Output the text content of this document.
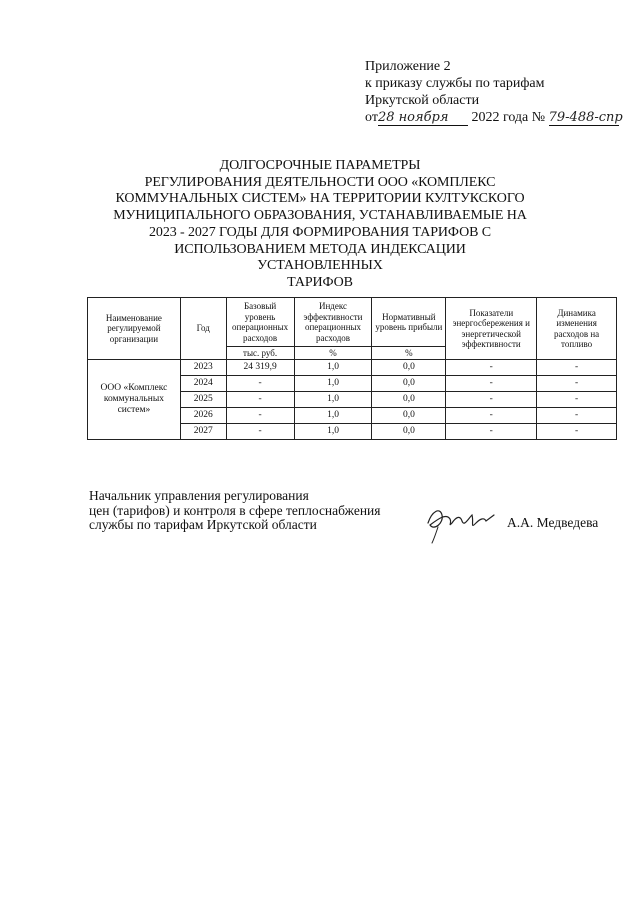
Приложение 2
к приказу службы по тарифам
Иркутской области
от28 ноября 2022 года № 79-488-спр
ДОЛГОСРОЧНЫЕ ПАРАМЕТРЫ
РЕГУЛИРОВАНИЯ ДЕЯТЕЛЬНОСТИ ООО «КОМПЛЕКС
КОММУНАЛЬНЫХ СИСТЕМ» НА ТЕРРИТОРИИ КУЛТУКСКОГО
МУНИЦИПАЛЬНОГО ОБРАЗОВАНИЯ, УСТАНАВЛИВАЕМЫЕ НА
2023 - 2027 ГОДЫ ДЛЯ ФОРМИРОВАНИЯ ТАРИФОВ С
ИСПОЛЬЗОВАНИЕМ МЕТОДА ИНДЕКСАЦИИ УСТАНОВЛЕННЫХ
ТАРИФОВ
Наименование регулируемой организации	Год	Базовый уровень операционных расходов	Индекс эффективности операционных расходов	Нормативный уровень прибыли	Показатели энергосбережения и энергетической эффективности	Динамика изменения расходов на топливо
		тыс. руб.	%	%		
ООО «Комплекс коммунальных систем»	2023	24 319,9	1,0	0,0	-	-
	2024	-	1,0	0,0	-	-
	2025	-	1,0	0,0	-	-
	2026	-	1,0	0,0	-	-
	2027	-	1,0	0,0	-	-
Начальник управления регулирования
цен (тарифов) и контроля в сфере теплоснабжения
службы по тарифам Иркутской области	А.А. Медведева
